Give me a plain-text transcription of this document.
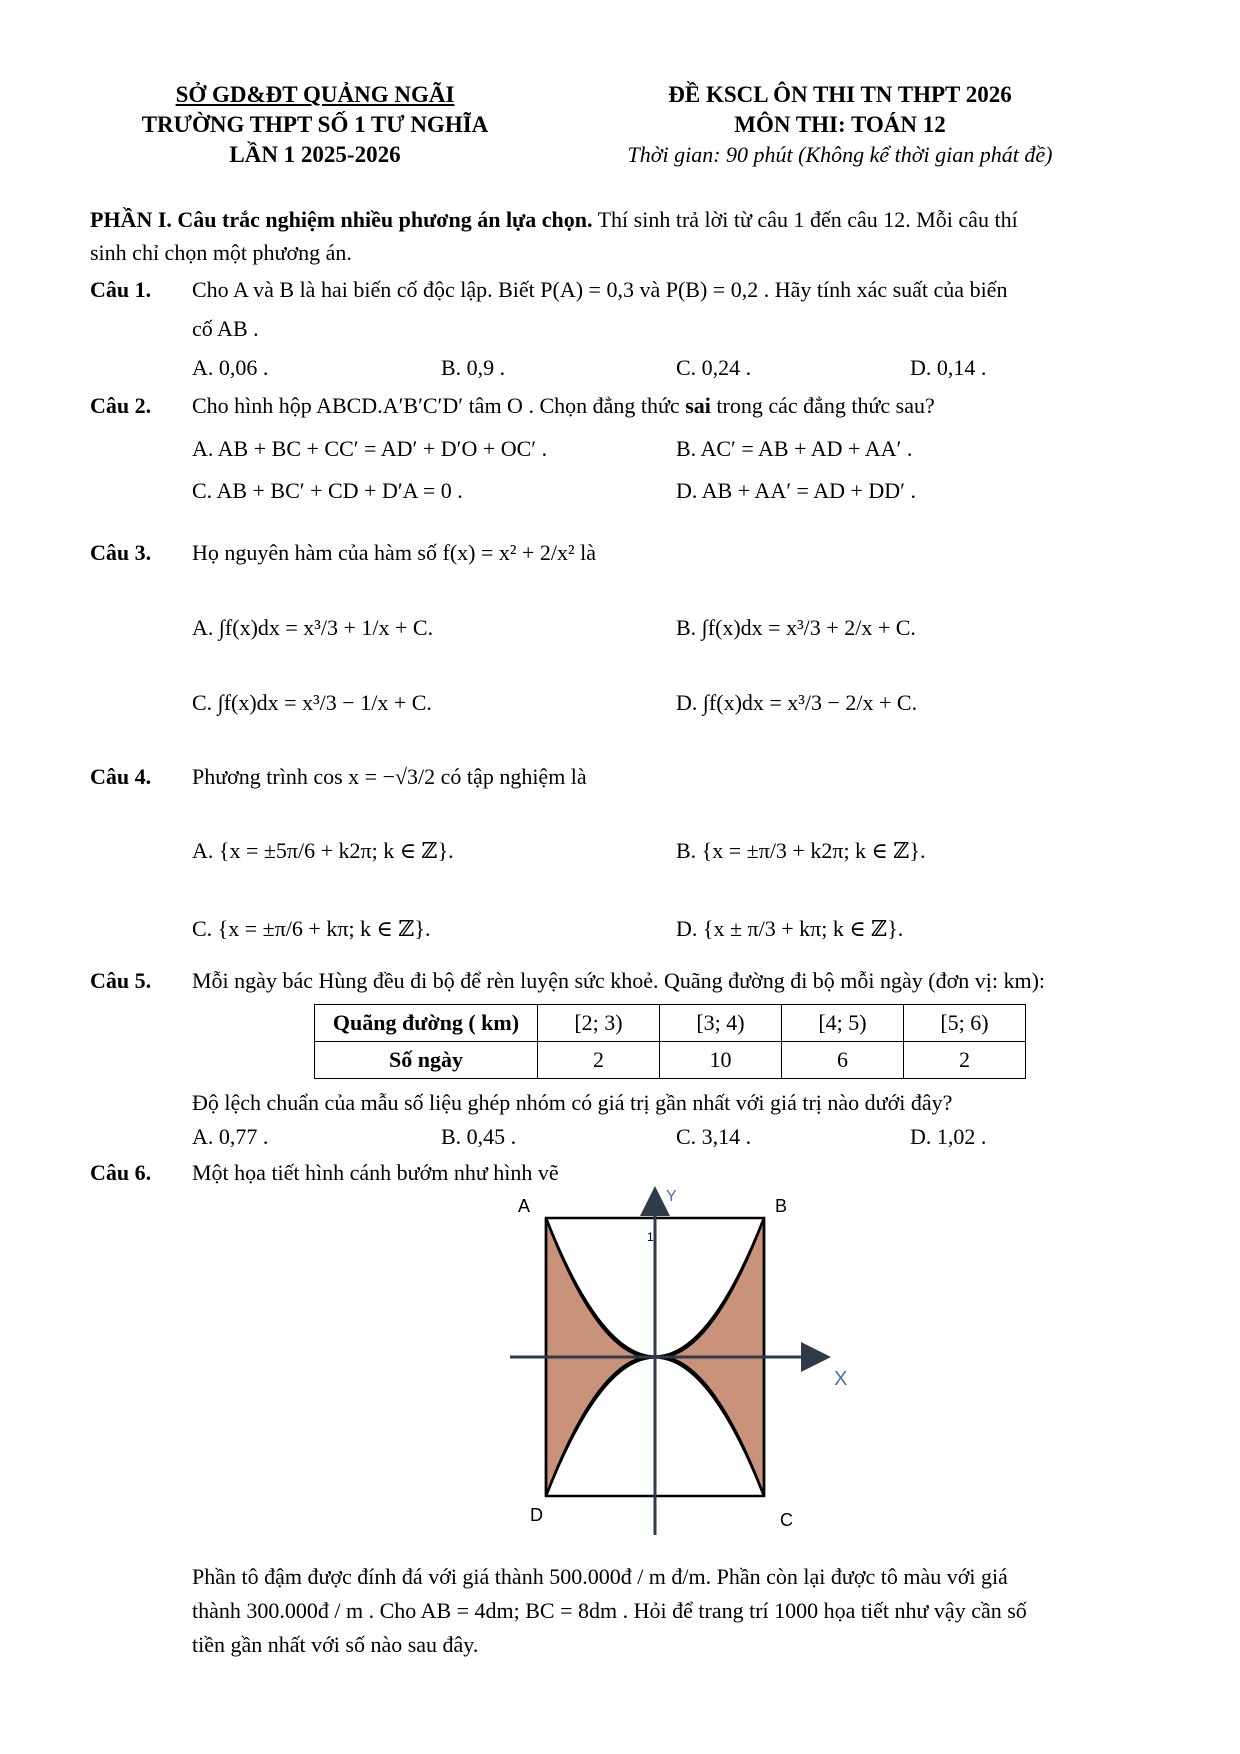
SỞ GD&ĐT QUẢNG NGÃI
TRƯỜNG THPT SỐ 1 TƯ NGHĨA
LẦN 1 2025-2026
ĐỀ KSCL ÔN THI TN THPT 2026
MÔN THI: TOÁN 12
Thời gian: 90 phút (Không kể thời gian phát đề)
PHẦN I. Câu trắc nghiệm nhiều phương án lựa chọn. Thí sinh trả lời từ câu 1 đến câu 12. Mỗi câu thí
sinh chỉ chọn một phương án.
Câu 1. Cho A và B là hai biến cố độc lập. Biết P(A) = 0,3 và P(B) = 0,2 . Hãy tính xác suất của biến
cố AB .
A. 0,06 .	B. 0,9 .	C. 0,24 .	D. 0,14 .
Câu 2. Cho hình hộp ABCD.A′B′C′D′ tâm O . Chọn đẳng thức sai trong các đẳng thức sau?
A. AB + BC + CC′ = AD′ + D′O + OC′ .	B. AC′ = AB + AD + AA′ .
C. AB + BC′ + CD + D′A = 0 .	D. AB + AA′ = AD + DD′ .
Câu 3. Họ nguyên hàm của hàm số f(x) = x² + 2/x² là
A. ∫f(x)dx = x³/3 + 1/x + C.	B. ∫f(x)dx = x³/3 + 2/x + C.
C. ∫f(x)dx = x³/3 − 1/x + C.	D. ∫f(x)dx = x³/3 − 2/x + C.
Câu 4. Phương trình cos x = −√3/2 có tập nghiệm là
A. {x = ±5π/6 + k2π; k ∈ ℤ}.	B. {x = ±π/3 + k2π; k ∈ ℤ}.
C. {x = ±π/6 + kπ; k ∈ ℤ}.	D. {x ± π/3 + kπ; k ∈ ℤ}.
Câu 5. Mỗi ngày bác Hùng đều đi bộ để rèn luyện sức khoẻ. Quãng đường đi bộ mỗi ngày (đơn vị: km):
Quãng đường ( km)	[2; 3)	[3; 4)	[4; 5)	[5; 6)
Số ngày	2	10	6	2
Độ lệch chuẩn của mẫu số liệu ghép nhóm có giá trị gần nhất với giá trị nào dưới đây?
A. 0,77 .	B. 0,45 .	C. 3,14 .	D. 1,02 .
Câu 6. Một họa tiết hình cánh bướm như hình vẽ
1
A	B
C
D
X
Y
Phần tô đậm được đính đá với giá thành 500.000đ / m đ/m. Phần còn lại được tô màu với giá
thành 300.000đ / m . Cho AB = 4dm; BC = 8dm . Hỏi để trang trí 1000 họa tiết như vậy cần số
tiền gần nhất với số nào sau đây.
